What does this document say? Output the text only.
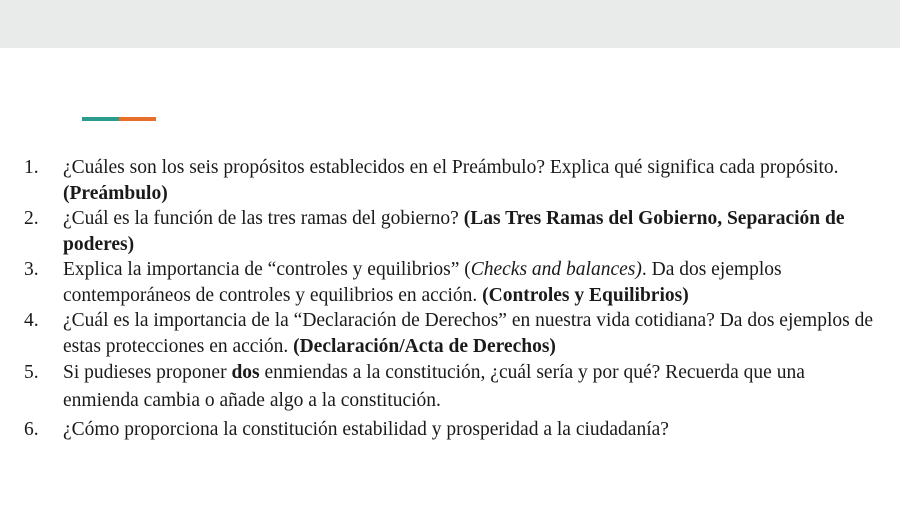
1.	¿Cuáles son los seis propósitos establecidos en el Preámbulo? Explica qué significa cada propósito. (Preámbulo)
2.	¿Cuál es la función de las tres ramas del gobierno? (Las Tres Ramas del Gobierno, Separación de poderes)
3.	Explica la importancia de “controles y equilibrios” (Checks and balances). Da dos ejemplos contemporáneos de controles y equilibrios en acción. (Controles y Equilibrios)
4.	¿Cuál es la importancia de la “Declaración de Derechos” en nuestra vida cotidiana? Da dos ejemplos de estas protecciones en acción. (Declaración/Acta de Derechos)
5.	Si pudieses proponer dos enmiendas a la constitución, ¿cuál sería y por qué? Recuerda que una enmienda cambia o añade algo a la constitución.
6.	¿Cómo proporciona la constitución estabilidad y prosperidad a la ciudadanía?
